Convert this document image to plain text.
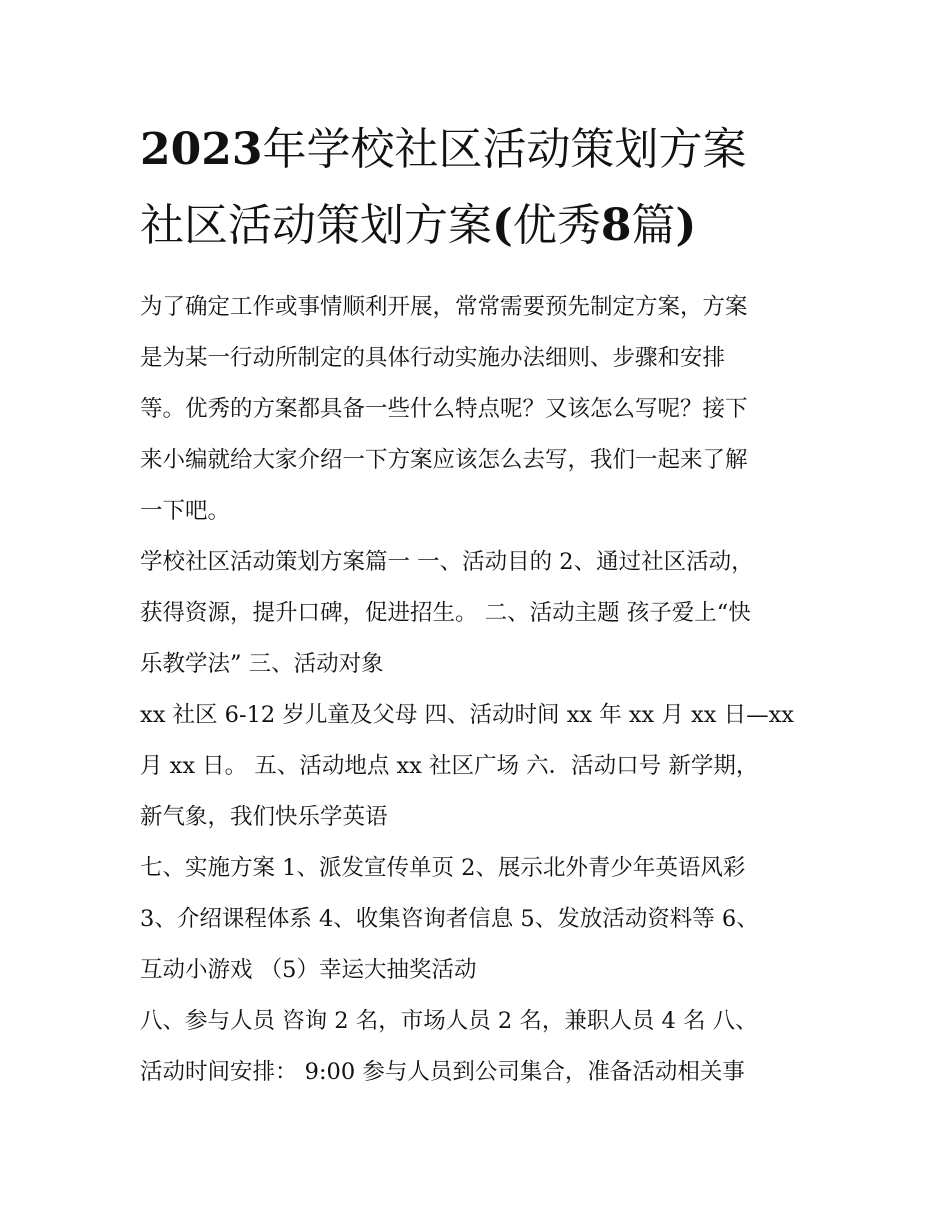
2023年学校社区活动策划方案
社区活动策划方案(优秀8篇)

为了确定工作或事情顺利开展，常常需要预先制定方案，方案
是为某一行动所制定的具体行动实施办法细则、步骤和安排
等。优秀的方案都具备一些什么特点呢？又该怎么写呢？接下
来小编就给大家介绍一下方案应该怎么去写，我们一起来了解
一下吧。

学校社区活动策划方案篇一 一、活动目的 2、通过社区活动，
获得资源，提升口碑，促进招生。 二、活动主题 孩子爱上“快
乐教学法” 三、活动对象

xx 社区 6-12 岁儿童及父母 四、活动时间 xx 年 xx 月 xx 日—xx
月 xx 日。 五、活动地点 xx 社区广场 六．活动口号 新学期，
新气象，我们快乐学英语

七、实施方案 1、派发宣传单页 2、展示北外青少年英语风彩
3、介绍课程体系 4、收集咨询者信息 5、发放活动资料等 6、
互动小游戏 （5）幸运大抽奖活动

八、参与人员 咨询 2 名，市场人员 2 名，兼职人员 4 名 八、
活动时间安排： 9:00 参与人员到公司集合，准备活动相关事
